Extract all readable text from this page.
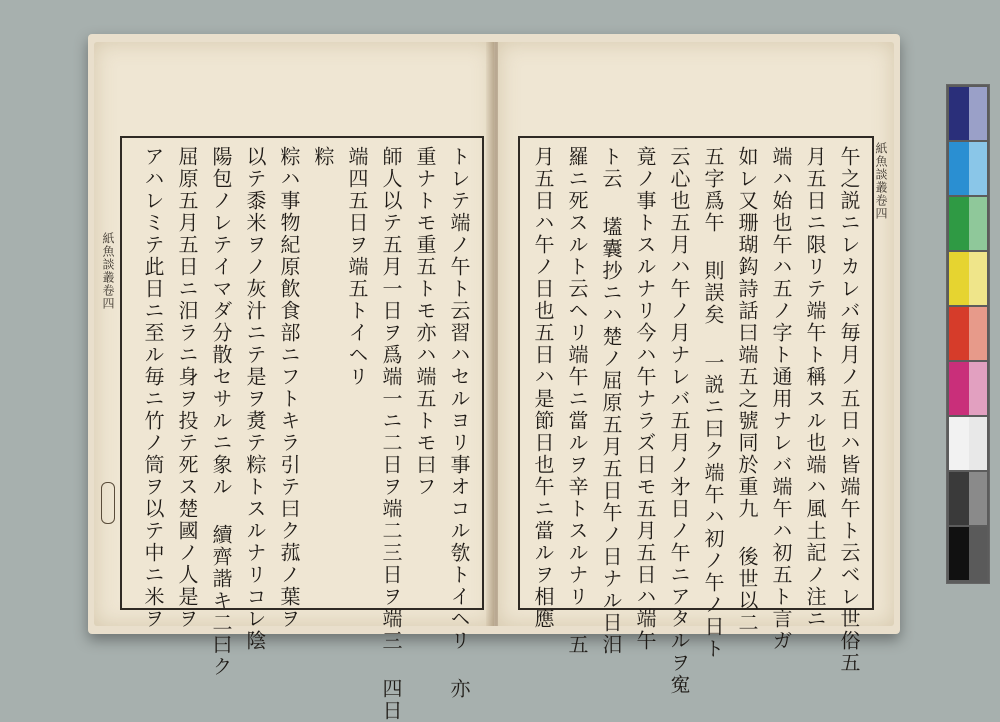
紙魚談叢卷四	トレテ端ノ午ト云習ハセルヨリ事オコル㰭トイヘリ 亦
重ナトモ重五トモ亦ハ端五トモ曰フ
師人以テ五月一日ヲ爲端一ニ二日ヲ端二三日ヲ端三 四日
端四五日ヲ端五トイヘリ
粽
粽ハ事物紀原飮食部ニフトキラ引テ曰ク菰ノ葉ヲ
以テ黍米ヲノ灰汁ニテ是ヲ煑テ粽トスルナリコレ陰
陽包ノレテイマダ分散セサルニ象ル 續齊諧キ二曰ク
屈原五月五日ニ汨ラニ身ヲ投テ死ス楚國ノ人是ヲ
アハレミテ此日ニ至ル毎ニ竹ノ筒ヲ以テ中ニ米ヲ	紙魚談叢卷四
午之説ニレカレバ毎月ノ五日ハ皆端午ト云ベレ世俗五
月五日ニ限リテ端午ト稱スル也端ハ風土記ノ注ニ
端ハ始也午ハ五ノ字ト通用ナレバ端午ハ初五ト言ガ
如レ又珊瑚鈎詩話曰端五之號同於重九 後世以二
五字爲午 則誤矣 一説ニ曰ク端午ハ初ノ午ノ日ト
云心也五月ハ午ノ月ナレバ五月ノ㐧日ノ午ニアタルヲ寃
竟ノ事トスルナリ今ハ午ナラズ日モ五月五日ハ端午
ト云 壒囊抄ニハ楚ノ屈原五月五日午ノ日ナル日汨
羅ニ死スルト云ヘリ端午ニ當ルヲ辛トスルナリ 五
月五日ハ午ノ日也五日ハ是節日也午ニ當ルヲ相應
